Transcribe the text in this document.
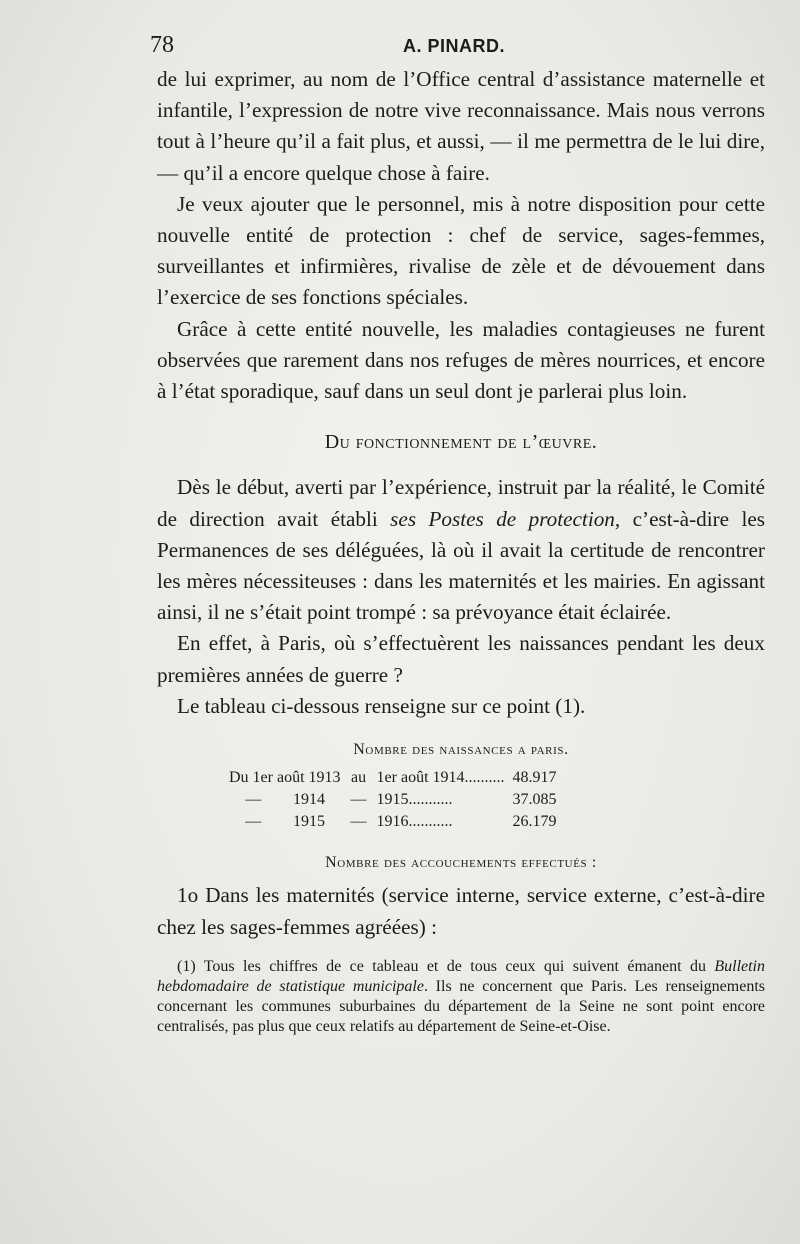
78	A. PINARD.

de lui exprimer, au nom de l’Office central d’assistance maternelle et infantile, l’expression de notre vive reconnaissance. Mais nous verrons tout à l’heure qu’il a fait plus, et aussi, — il me permettra de le lui dire, — qu’il a encore quelque chose à faire.

Je veux ajouter que le personnel, mis à notre disposition pour cette nouvelle entité de protection : chef de service, sages-femmes, surveillantes et infirmières, rivalise de zèle et de dévouement dans l’exercice de ses fonctions spéciales.

Grâce à cette entité nouvelle, les maladies contagieuses ne furent observées que rarement dans nos refuges de mères nourrices, et encore à l’état sporadique, sauf dans un seul dont je parlerai plus loin.

Du fonctionnement de l’œuvre.

Dès le début, averti par l’expérience, instruit par la réalité, le Comité de direction avait établi ses Postes de protection, c’est-à-dire les Permanences de ses déléguées, là où il avait la certitude de rencontrer les mères nécessiteuses : dans les maternités et les mairies. En agissant ainsi, il ne s’était point trompé : sa prévoyance était éclairée.

En effet, à Paris, où s’effectuèrent les naissances pendant les deux premières années de guerre ?

Le tableau ci-dessous renseigne sur ce point (1).

Nombre des naissances a paris.
Du 1er août 1913		au	1er août 1914..........	48.917
—	1914	—	1915...........	37.085
—	1915	—	1916...........	26.179
Nombre des accouchements effectués :

1o Dans les maternités (service interne, service externe, c’est-à-dire chez les sages-femmes agréées) :

(1) Tous les chiffres de ce tableau et de tous ceux qui suivent émanent du Bulletin hebdomadaire de statistique municipale. Ils ne concernent que Paris. Les renseignements concernant les communes suburbaines du département de la Seine ne sont point encore centralisés, pas plus que ceux relatifs au département de Seine-et-Oise.
